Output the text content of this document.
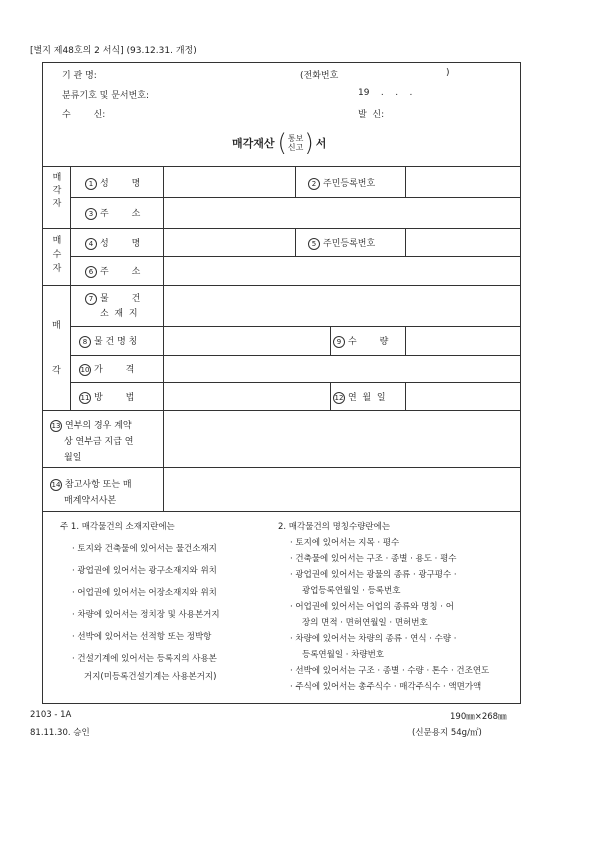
[별지 제48호의 2 서식] (93.12.31. 개정)
기 관 명:	(전화번호	)
분류기호 및 문서번호:	19    .    .    .
수        신:	발  신:
매각재산 ( 통보
신고 ) 서
매
각
자
1 성        명	2 주민등록번호
3 주        소
매
수
자
4 성        명	5 주민등록번호
6 주        소
매
각
7 물        건
소  재  지
8 물 건 명 칭	9 수        량
10 가        격
11 방        법	12 연  월  일
13 연부의 경우 계약
상 연부금 지급 연
월일
14 참고사항 또는 매
매계약서사본
주 1. 매각물건의 소재지란에는
· 토지와 건축물에 있어서는 물건소재지
· 광업권에 있어서는 광구소재지와 위치
· 어업권에 있어서는 어장소재지와 위치
· 차량에 있어서는 정치장 및 사용본거지
· 선박에 있어서는 선적항 또는 정박항
· 건설기계에 있어서는 등록지의 사용본
거지(미등록건설기계는 사용본거지)
2. 매각물건의 명칭수량란에는
· 토지에 있어서는 지목 · 평수
· 건축물에 있어서는 구조 · 종별 · 용도 · 평수
· 광업권에 있어서는 광물의 종류 · 광구평수 ·
광업등록연월일 · 등록번호
· 어업권에 있어서는 어업의 종류와 명칭 · 어
장의 면적 · 면허연월일 · 면허번호
· 차량에 있어서는 차량의 종류 · 연식 · 수량 ·
등록연월일 · 차량번호
· 선박에 있어서는 구조 · 종별 · 수량 · 톤수 · 건조연도
· 주식에 있어서는 총주식수 · 매각주식수 · 액면가액
2103 - 1A	190㎜×268㎜
81.11.30. 승인	(신문용지 54g/㎡)
